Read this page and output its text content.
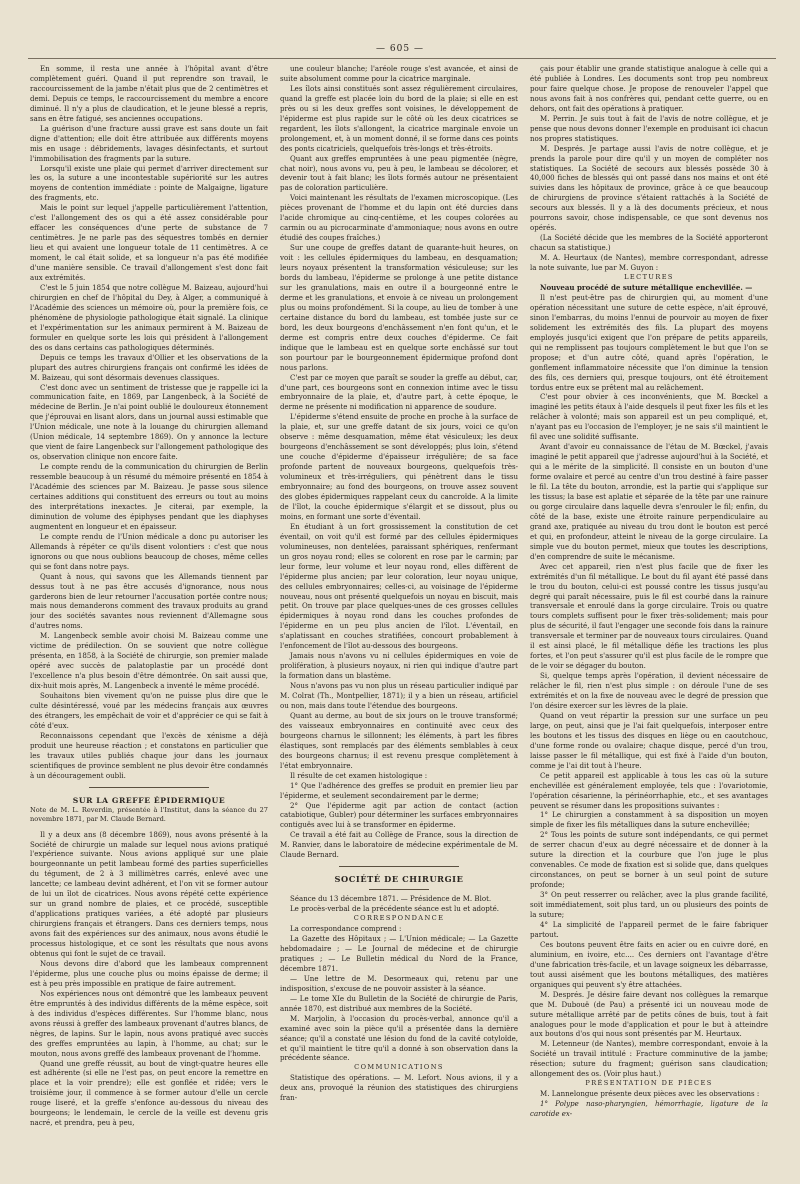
— 605 —

En somme, il resta une année à l'hôpital avant d'être complètement guéri. Quand il put reprendre son travail, le raccourcissement de la jambe n'était plus que de 2 centimètres et demi. Depuis ce temps, le raccourcissement du membre a encore diminué. Il n'y a plus de claudication, et le jeune blessé a repris, sans en être fatigué, ses anciennes occupations.

La guérison d'une fracture aussi grave est sans doute un fait digne d'attention; elle doit être attribuée aux différents moyens mis en usage : débridements, lavages désinfectants, et surtout l'immobilisation des fragments par la suture.

Lorsqu'il existe une plaie qui permet d'arriver directement sur les os, la suture a une incontestable supériorité sur les autres moyens de contention immédiate : pointe de Malgaigne, ligature des fragments, etc.

Mais le point sur lequel j'appelle particulièrement l'attention, c'est l'allongement des os qui a été assez considérable pour effacer les conséquences d'une perte de substance de 7 centimètres. Je ne parle pas des séquestres tombés en dernier lieu et qui avaient une longueur totale de 11 centimètres. A ce moment, le cal était solide, et sa longueur n'a pas été modifiée d'une manière sensible. Ce travail d'allongement s'est donc fait aux extrémités.

C'est le 5 juin 1854 que notre collègue M. Baizeau, aujourd'hui chirurgien en chef de l'hôpital du Dey, à Alger, a communiqué à l'Académie des sciences un mémoire où, pour la première fois, ce phénomène de physiologie pathologique était signalé. La clinique et l'expérimentation sur les animaux permirent à M. Baizeau de formuler en quelque sorte les lois qui président à l'allongement des os dans certains cas pathologiques déterminés.

Depuis ce temps les travaux d'Ollier et les observations de la plupart des autres chirurgiens français ont confirmé les idées de M. Baizeau, qui sont désormais devenues classiques.

C'est donc avec un sentiment de tristesse que je rappelle ici la communication faite, en 1869, par Langenbeck, à la Société de médecine de Berlin. Je n'ai point oublié le douloureux étonnement que j'éprouvai en lisant alors, dans un journal aussi estimable que l'Union médicale, une note à la louange du chirurgien allemand (Union médicale, 14 septembre 1869). On y annonce la lecture que vient de faire Langenbeck sur l'allongement pathologique des os, observation clinique non encore faite.

Le compte rendu de la communication du chirurgien de Berlin ressemble beaucoup à un résumé du mémoire présenté en 1854 à l'Académie des sciences par M. Baizeau. Je passe sous silence certaines additions qui constituent des erreurs ou tout au moins des interprétations inexactes. Je citerai, par exemple, la diminution de volume des épiphyses pendant que les diaphyses augmentent en longueur et en épaisseur.

Le compte rendu de l'Union médicale a donc pu autoriser les Allemands à répéter ce qu'ils disent volontiers : c'est que nous ignorons ou que nous oublions beaucoup de choses, même celles qui se font dans notre pays.

Quant à nous, qui savons que les Allemands tiennent par dessus tout à ne pas être accusés d'ignorance, nous nous garderons bien de leur retourner l'accusation portée contre nous; mais nous demanderons comment des travaux produits au grand jour des sociétés savantes nous reviennent d'Allemagne sous d'autres noms.

M. Langenbeck semble avoir choisi M. Baizeau comme une victime de prédilection. On se souvient que notre collègue présenta, en 1858, à la Société de chirurgie, son premier malade opéré avec succès de palatoplastie par un procédé dont l'excellence n'a plus besoin d'être démontrée. On sait aussi que, dix-huit mois après, M. Langenbeck a inventé le même procédé.

Souhaitons bien vivement qu'on ne puisse plus dire que le culte désintéressé, voué par les médecins français aux œuvres des étrangers, les empêchait de voir et d'apprécier ce qui se fait à côté d'eux.

Reconnaissons cependant que l'excès de xénisme a déjà produit une heureuse réaction ; et constatons en particulier que les travaux utiles publiés chaque jour dans les journaux scientifiques de province semblent ne plus devoir être condamnés à un découragement oubli.

SUR LA GREFFE ÉPIDERMIQUE

Note de M. L. Reverdin, présentée à l'Institut, dans la séance du 27 novembre 1871, par M. Claude Bernard.

Il y a deux ans (8 décembre 1869), nous avons présenté à la Société de chirurgie un malade sur lequel nous avions pratiqué l'expérience suivante. Nous avions appliqué sur une plaie bourgeonnante un petit lambeau formé des parties superficielles du tégument, de 2 à 3 millimètres carrés, enlevé avec une lancette; ce lambeau devint adhérent, et l'on vit se former autour de lui un îlot de cicatrices. Nous avons répété cette expérience sur un grand nombre de plaies, et ce procédé, susceptible d'applications pratiques variées, a été adopté par plusieurs chirurgiens français et étrangers. Dans ces derniers temps, nous avons fait des expériences sur des animaux, nous avons étudié le processus histologique, et ce sont les résultats que nous avons obtenus qui font le sujet de ce travail.

Nous devons dire d'abord que les lambeaux comprennent l'épiderme, plus une couche plus ou moins épaisse de derme; il est à peu près impossible en pratique de faire autrement.

Nos expériences nous ont démontré que les lambeaux peuvent être empruntés à des individus différents de la même espèce, soit à des individus d'espèces différentes. Sur l'homme blanc, nous avons réussi à greffer des lambeaux provenant d'autres blancs, de nègres, de lapins. Sur le lapin, nous avons pratiqué avec succès des greffes empruntées au lapin, à l'homme, au chat; sur le mouton, nous avons greffé des lambeaux provenant de l'homme.

Quand une greffe réussit, au bout de vingt-quatre heures elle est adhérente (si elle ne l'est pas, on peut encore la remettre en place et la voir prendre); elle est gonflée et ridée; vers le troisième jour, il commence à se former autour d'elle un cercle rouge liseré, et la greffe s'enfonce au-dessous du niveau des bourgeons; le lendemain, le cercle de la veille est devenu gris nacré, et prendra, peu à peu,

une couleur blanche; l'aréole rouge s'est avancée, et ainsi de suite absolument comme pour la cicatrice marginale.

Les îlots ainsi constitués sont assez régulièrement circulaires, quand la greffe est placée loin du bord de la plaie; si elle en est près ou si les deux greffes sont voisines, le développement de l'épiderme est plus rapide sur le côté où les deux cicatrices se regardent, les îlots s'allongent, la cicatrice marginale envoie un prolongement, et, à un moment donné, il se forme dans ces points des ponts cicatriciels, quelquefois très-longs et très-étroits.

Quant aux greffes empruntées à une peau pigmentée (nègre, chat noir), nous avons vu, peu à peu, le lambeau se décolorer, et devenir tout à fait blanc; les îlots formés autour ne présentaient pas de coloration particulière.

Voici maintenant les résultats de l'examen microscopique. (Les pièces provenant de l'homme et du lapin ont été durcies dans l'acide chromique au cinq-centième, et les coupes colorées au carmin ou au picrocarminate d'ammoniaque; nous avons en outre étudié des coupes fraîches.)

Sur une coupe de greffes datant de quarante-huit heures, on voit : les cellules épidermiques du lambeau, en desquamation; leurs noyaux présentent la transformation vésiculeuse; sur les bords du lambeau, l'épiderme se prolonge à une petite distance sur les granulations, mais en outre il a bourgeonné entre le derme et les granulations, et envoie à ce niveau un prolongement plus ou moins profondément. Si la coupe, au lieu de tomber à une certaine distance du bord du lambeau, est tombée juste sur ce bord, les deux bourgeons d'enchâssement n'en font qu'un, et le derme est compris entre deux couches d'épiderme. Ce fait indique que le lambeau est en quelque sorte enchâssé sur tout son pourtour par le bourgeonnement épidermique profond dont nous parlons.

C'est par ce moyen que paraît se souder la greffe au début, car, d'une part, ces bourgeons sont en connexion intime avec le tissu embryonnaire de la plaie, et, d'autre part, à cette époque, le derme ne présente ni modification ni apparence de soudure.

L'épiderme s'étend ensuite de proche en proche à la surface de la plaie, et, sur une greffe datant de six jours, voici ce qu'on observe : même desquamation, même état vésiculeux; les deux bourgeons d'enchâssement se sont développés; plus loin, s'étend une couche d'épiderme d'épaisseur irrégulière; de sa face profonde partent de nouveaux bourgeons, quelquefois très-volumineux et très-irréguliers, qui pénètrent dans le tissu embryonnaire; au fond des bourgeons, on trouve assez souvent des globes épidermiques rappelant ceux du cancroïde. A la limite de l'îlot, la couche épidermique s'élargit et se dissout, plus ou moins, en formant une sorte d'éventail.

En étudiant à un fort grossissement la constitution de cet éventail, on voit qu'il est formé par des cellules épidermiques volumineuses, non dentelées, paraissant sphériques, renfermant un gros noyau rond; elles se colorent en rose par le carmin; par leur forme, leur volume et leur noyau rond, elles diffèrent de l'épiderme plus ancien; par leur coloration, leur noyau unique, des cellules embryonnaires; celles-ci, au voisinage de l'épiderme nouveau, nous ont présenté quelquefois un noyau en biscuit, mais petit. On trouve par place quelques-unes de ces grosses cellules épidermiques à noyau rond dans les couches profondes de l'épiderme en un peu plus ancien de l'îlot. L'éventail, en s'aplatissant en couches stratifiées, concourt probablement à l'enfoncement de l'îlot au-dessous des bourgeons.

Jamais nous n'avons vu ni cellules épidermiques en voie de prolifération, à plusieurs noyaux, ni rien qui indique d'autre part la formation dans un blastème.

Nous n'avons pas vu non plus un réseau particulier indiqué par M. Colrat (Th., Montpellier, 1871); il y a bien un réseau, artificiel ou non, mais dans toute l'étendue des bourgeons.

Quant au derme, au bout de six jours on le trouve transformé; des vaisseaux embryonnaires en continuité avec ceux des bourgeons charnus le sillonnent; les éléments, à part les fibres élastiques, sont remplacés par des éléments semblables à ceux des bourgeons charnus; il est revenu presque complètement à l'état embryonnaire.

Il résulte de cet examen histologique :

1° Que l'adhérence des greffes se produit en premier lieu par l'épiderme, et seulement secondairement par le derme;

2° Que l'épiderme agit par action de contact (action catabiotique, Gubler) pour déterminer les surfaces embryonnaires contiguës avec lui à se transformer en épiderme.

Ce travail a été fait au Collège de France, sous la direction de M. Ranvier, dans le laboratoire de médecine expérimentale de M. Claude Bernard.

SOCIÉTÉ DE CHIRURGIE

Séance du 13 décembre 1871. — Présidence de M. Blot.

Le procès-verbal de la précédente séance est lu et adopté.

CORRESPONDANCE

La correspondance comprend :

La Gazette des Hôpitaux ; — L'Union médicale; — La Gazette hebdomadaire ; — Le Journal de médecine et de chirurgie pratiques ; — Le Bulletin médical du Nord de la France, décembre 1871.

— Une lettre de M. Desormeaux qui, retenu par une indisposition, s'excuse de ne pouvoir assister à la séance.

— Le tome XIe du Bulletin de la Société de chirurgie de Paris, année 1870, est distribué aux membres de la Société.

M. Marjolin, à l'occasion du procès-verbal, annonce qu'il a examiné avec soin la pièce qu'il a présentée dans la dernière séance; qu'il a constaté une lésion du fond de la cavité cotyloïde, et qu'il maintient le titre qu'il a donné à son observation dans la précédente séance.

COMMUNICATIONS

Statistique des opérations. — M. Lefort. Nous avions, il y a deux ans, provoqué la réunion des statistiques des chirurgiens fran-

çais pour établir une grande statistique analogue à celle qui a été publiée à Londres. Les documents sont trop peu nombreux pour faire quelque chose. Je propose de renouveler l'appel que nous avons fait à nos confrères qui, pendant cette guerre, ou en dehors, ont fait des opérations à pratiquer.

M. Perrin. Je suis tout à fait de l'avis de notre collègue, et je pense que nous devons donner l'exemple en produisant ici chacun nos propres statistiques.

M. Després. Je partage aussi l'avis de notre collègue, et je prends la parole pour dire qu'il y un moyen de compléter nos statistiques. La Société de secours aux blessés possède 30 à 40,000 fiches de blessés qui ont passé dans nos mains et ont été suivies dans les hôpitaux de province, grâce à ce que beaucoup de chirurgiens de province s'étaient rattachés à la Société de secours aux blessés. Il y a là des documents précieux, et nous pourrons savoir, chose indispensable, ce que sont devenus nos opérés.

(La Société décide que les membres de la Société apporteront chacun sa statistique.)

M. A. Heurtaux (de Nantes), membre correspondant, adresse la note suivante, lue par M. Guyon :

LECTURES

Nouveau procédé de suture métallique enchevillée. —

Il n'est peut-être pas de chirurgien qui, au moment d'une opération nécessitant une suture de cette espèce, n'ait éprouvé, sinon l'embarras, du moins l'ennui de pourvoir au moyen de fixer solidement les extrémités des fils. La plupart des moyens employés jusqu'ici exigent que l'on prépare de petits appareils, qui ne remplissent pas toujours complètement le but que l'on se propose; et d'un autre côté, quand après l'opération, le gonflement inflammatoire nécessite que l'on diminue la tension des fils, ces derniers qui, presque toujours, ont été étroitement tordus entre eux se prêtent mal au relâchement.

C'est pour obvier à ces inconvénients, que M. Bœckel a imaginé les petits étaux à l'aide desquels il peut fixer les fils et les relâcher à volonté; mais son appareil est un peu compliqué, et, n'ayant pas eu l'occasion de l'employer, je ne sais s'il maintient le fil avec une solidité suffisante.

Avant d'avoir eu connaissance de l'étau de M. Bœckel, j'avais imaginé le petit appareil que j'adresse aujourd'hui à la Société, et qui a le mérite de la simplicité. Il consiste en un bouton d'une forme ovalaire et percé au centre d'un trou destiné à faire passer le fil. La tête du bouton, arrondie, est la partie qui s'applique sur les tissus; la base est aplatie et séparée de la tête par une rainure ou gorge circulaire dans laquelle devra s'enrouler le fil; enfin, du côté de la base, existe une étroite rainure perpendiculaire au grand axe, pratiquée au niveau du trou dont le bouton est percé et qui, en profondeur, atteint le niveau de la gorge circulaire. La simple vue du bouton permet, mieux que toutes les descriptions, d'en comprendre de suite le mécanisme.

Avec cet appareil, rien n'est plus facile que de fixer les extrémités d'un fil métallique. Le bout du fil ayant été passé dans le trou du bouton, celui-ci est poussé contre les tissus jusqu'au degré qui paraît nécessaire, puis le fil est courbé dans la rainure transversale et enroulé dans la gorge circulaire. Trois ou quatre tours complets suffisent pour le fixer très-solidement; mais pour plus de sécurité, il faut l'engager une seconde fois dans la rainure transversale et terminer par de nouveaux tours circulaires. Quand il est ainsi placé, le fil métallique défie les tractions les plus fortes, et l'on peut s'assurer qu'il est plus facile de le rompre que de le voir se dégager du bouton.

Si, quelque temps après l'opération, il devient nécessaire de relâcher le fil, rien n'est plus simple : on déroule l'une de ses extrémités et on la fixe de nouveau avec le degré de pression que l'on désire exercer sur les lèvres de la plaie.

Quand on veut répartir la pression sur une surface un peu large, on peut, ainsi que je l'ai fait quelquefois, interposer entre les boutons et les tissus des disques en liège ou en caoutchouc, d'une forme ronde ou ovalaire; chaque disque, percé d'un trou, laisse passer le fil métallique, qui est fixé à l'aide d'un bouton, comme je l'ai dit tout à l'heure.

Ce petit appareil est applicable à tous les cas où la suture enchevillée est généralement employée, tels que : l'ovariotomie, l'opération césarienne, la périnéorrhaphie, etc., et ses avantages peuvent se résumer dans les propositions suivantes :

1° Le chirurgien a constamment à sa disposition un moyen simple de fixer les fils métalliques dans la suture enchevillée;

2° Tous les points de suture sont indépendants, ce qui permet de serrer chacun d'eux au degré nécessaire et de donner à la suture la direction et la courbure que l'on juge le plus convenables. Ce mode de fixation est si solide que, dans quelques circonstances, on peut se borner à un seul point de suture profonde;

3° On peut resserrer ou relâcher, avec la plus grande facilité, soit immédiatement, soit plus tard, un ou plusieurs des points de la suture;

4° La simplicité de l'appareil permet de le faire fabriquer partout.

Ces boutons peuvent être faits en acier ou en cuivre doré, en aluminium, en ivoire, etc.... Ces derniers ont l'avantage d'être d'une fabrication très-facile, et un lavage soigneux les débarrasse, tout aussi aisément que les boutons métalliques, des matières organiques qui peuvent s'y être attachées.

M. Després. Je désire faire devant nos collègues la remarque que M. Dubouë (de Pau) a présenté ici un nouveau mode de suture métallique arrêté par de petits cônes de buis, tout à fait analogues pour le mode d'application et pour le but à atteindre aux boutons d'os qui nous sont présentés par M. Heurtaux.

M. Letenneur (de Nantes), membre correspondant, envoie à la Société un travail intitulé : Fracture comminutive de la jambe; résection; suture du fragment; guérison sans claudication; allongement des os. (Voir plus haut.)

PRÉSENTATION DE PIÈCES

M. Lannelongue présente deux pièces avec les observations :

1° Polype naso-pharyngien, hémorrhagie, ligature de la carotide ex-
